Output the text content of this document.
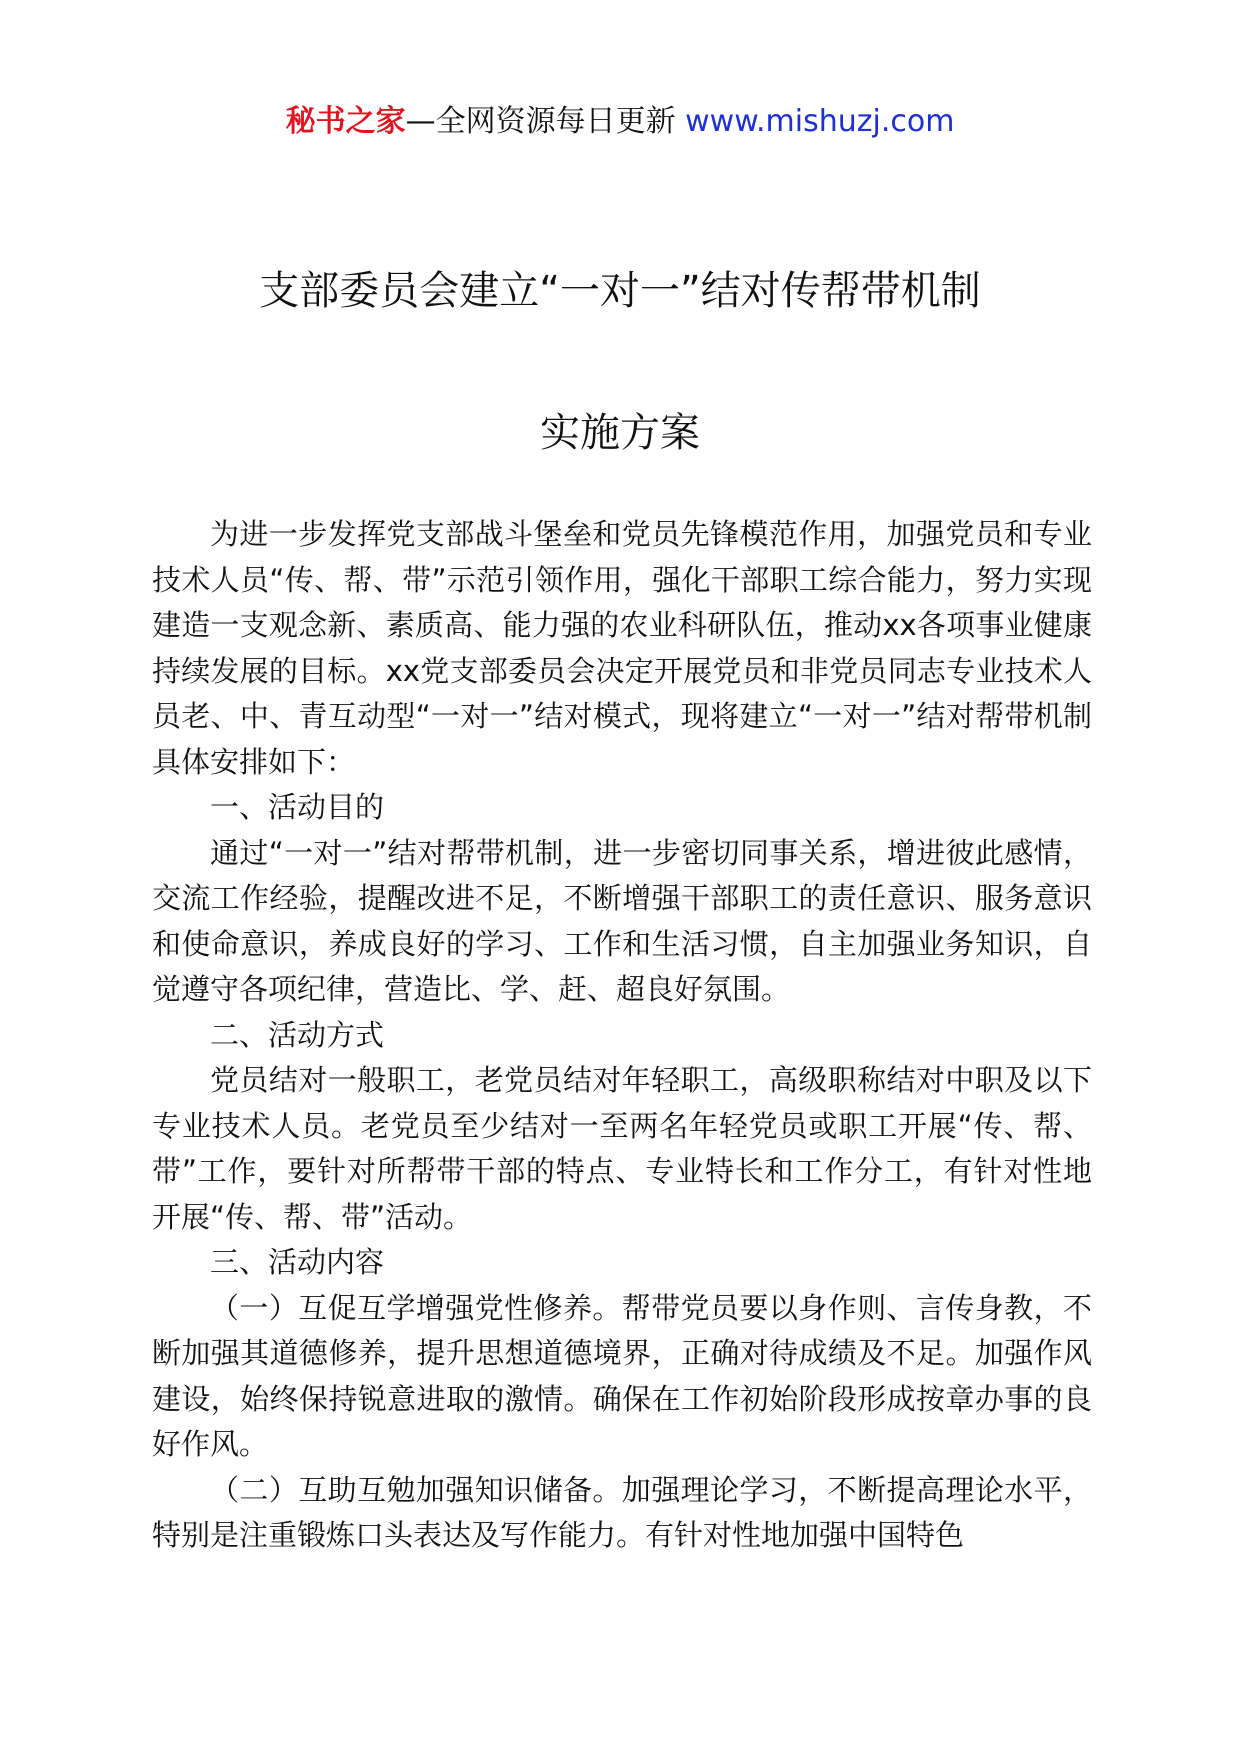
秘书之家—全网资源每日更新 www.mishuzj.com
支部委员会建立“一对一”结对传帮带机制
实施方案

为进一步发挥党支部战斗堡垒和党员先锋模范作用，加强党员和专业技术人员“传、帮、带”示范引领作用，强化干部职工综合能力，努力实现建造一支观念新、素质高、能力强的农业科研队伍，推动xx各项事业健康持续发展的目标。xx党支部委员会决定开展党员和非党员同志专业技术人员老、中、青互动型“一对一”结对模式，现将建立“一对一”结对帮带机制具体安排如下：

一、活动目的

通过“一对一”结对帮带机制，进一步密切同事关系，增进彼此感情，交流工作经验，提醒改进不足，不断增强干部职工的责任意识、服务意识和使命意识，养成良好的学习、工作和生活习惯，自主加强业务知识，自觉遵守各项纪律，营造比、学、赶、超良好氛围。

二、活动方式

党员结对一般职工，老党员结对年轻职工，高级职称结对中职及以下专业技术人员。老党员至少结对一至两名年轻党员或职工开展“传、帮、带”工作，要针对所帮带干部的特点、专业特长和工作分工，有针对性地开展“传、帮、带”活动。

三、活动内容

（一）互促互学增强党性修养。帮带党员要以身作则、言传身教，不断加强其道德修养，提升思想道德境界，正确对待成绩及不足。加强作风建设，始终保持锐意进取的激情。确保在工作初始阶段形成按章办事的良好作风。

（二）互助互勉加强知识储备。加强理论学习，不断提高理论水平，特别是注重锻炼口头表达及写作能力。有针对性地加强中国特色
